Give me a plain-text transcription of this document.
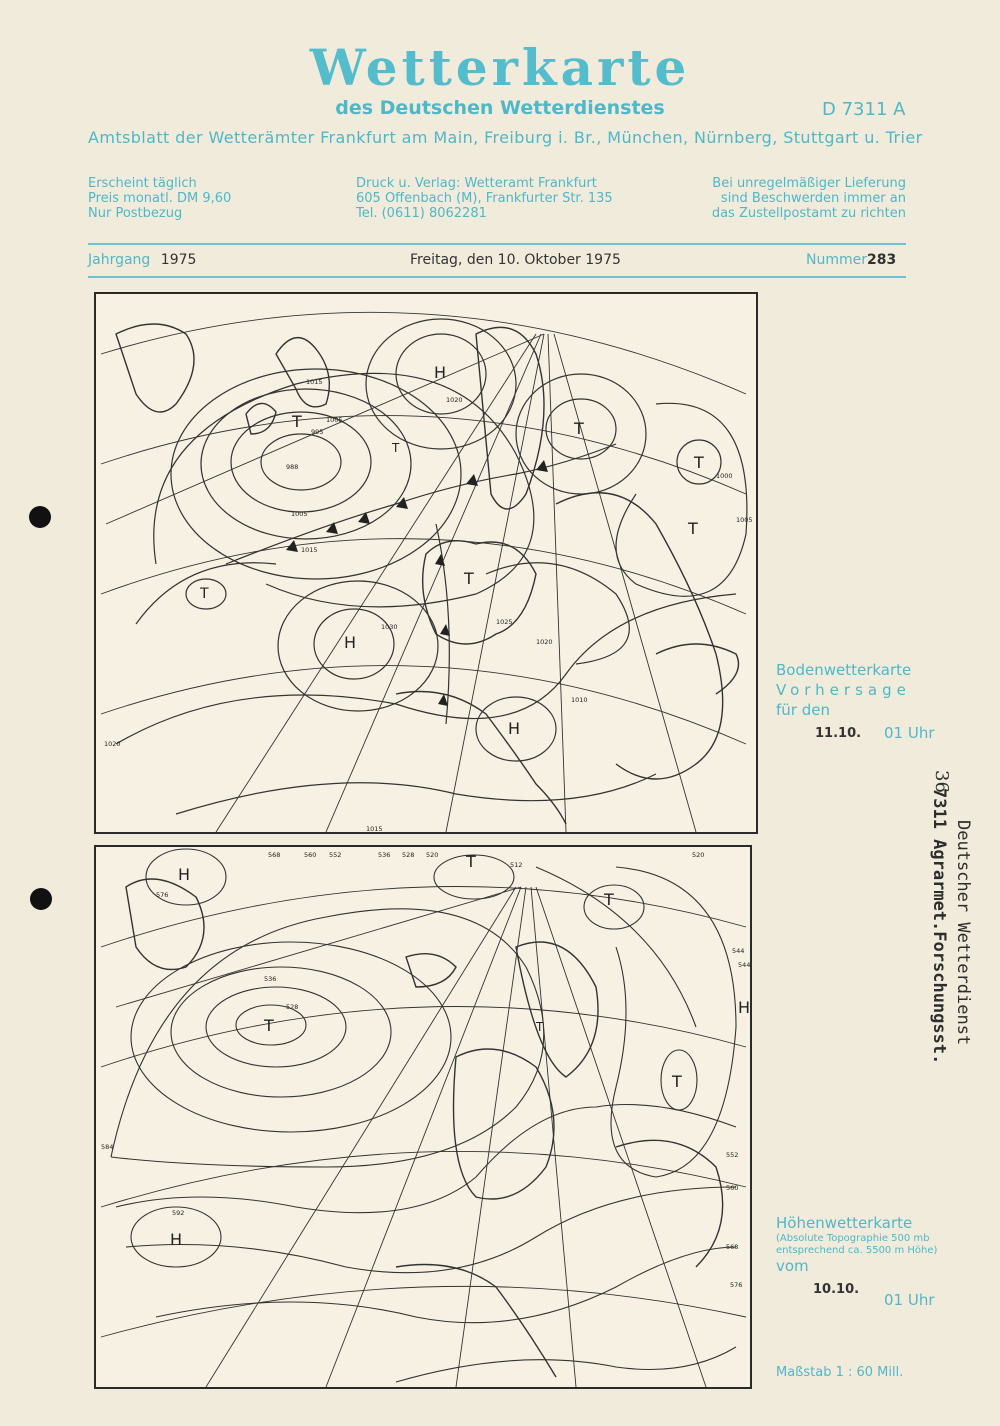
Wetterkarte
des Deutschen Wetterdienstes	D 7311 A
Amtsblatt der Wetterämter Frankfurt am Main, Freiburg i. Br., München, Nürnberg, Stuttgart u. Trier
Erscheint täglich
Preis monatl. DM 9,60
Nur Postbezug
Druck u. Verlag: Wetteramt Frankfurt
605 Offenbach (M), Frankfurter Str. 135
Tel. (0611) 8062281
Bei unregelmäßiger Lieferung
sind Beschwerden immer an
das Zustellpostamt zu richten
Jahrgang 1975	Freitag, den 10. Oktober 1975	Nummer283
T
H
T
T
T
H
T
T
H
T
1015
1005
995
988
1005
1015
1020
1025
1030
1020
1010
1000
1005
1015
1020
Bodenwetterkarte
Vorhersage
für den
11.10. 01 Uhr
H
T
T
T
H
T
T
H
568	560 552	536 528 520
512
528
536
544
576
584
592
576
568
560
552
544
520
Höhenwetterkarte
(Absolute Topographie 500 mb
entsprechend ca. 5500 m Höhe)
vom
10.10.
01 Uhr
Maßstab 1 : 60 Mill.
Deutscher Wetterdienst
7311 Agrarmet.Forschungsst.
36
